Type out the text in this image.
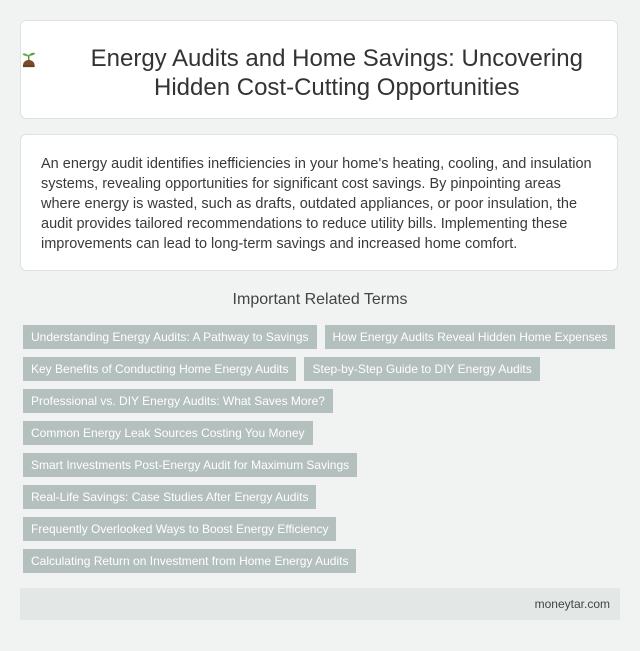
Energy Audits and Home Savings: Uncovering Hidden Cost-Cutting Opportunities

An energy audit identifies inefficiencies in your home's heating, cooling, and insulation systems, revealing opportunities for significant cost savings. By pinpointing areas where energy is wasted, such as drafts, outdated appliances, or poor insulation, the audit provides tailored recommendations to reduce utility bills. Implementing these improvements can lead to long-term savings and increased home comfort.

Important Related Terms
Understanding Energy Audits: A Pathway to Savings	How Energy Audits Reveal Hidden Home Expenses
Key Benefits of Conducting Home Energy Audits	Step-by-Step Guide to DIY Energy Audits
Professional vs. DIY Energy Audits: What Saves More?
Common Energy Leak Sources Costing You Money
Smart Investments Post-Energy Audit for Maximum Savings
Real-Life Savings: Case Studies After Energy Audits
Frequently Overlooked Ways to Boost Energy Efficiency
Calculating Return on Investment from Home Energy Audits
moneytar.com
